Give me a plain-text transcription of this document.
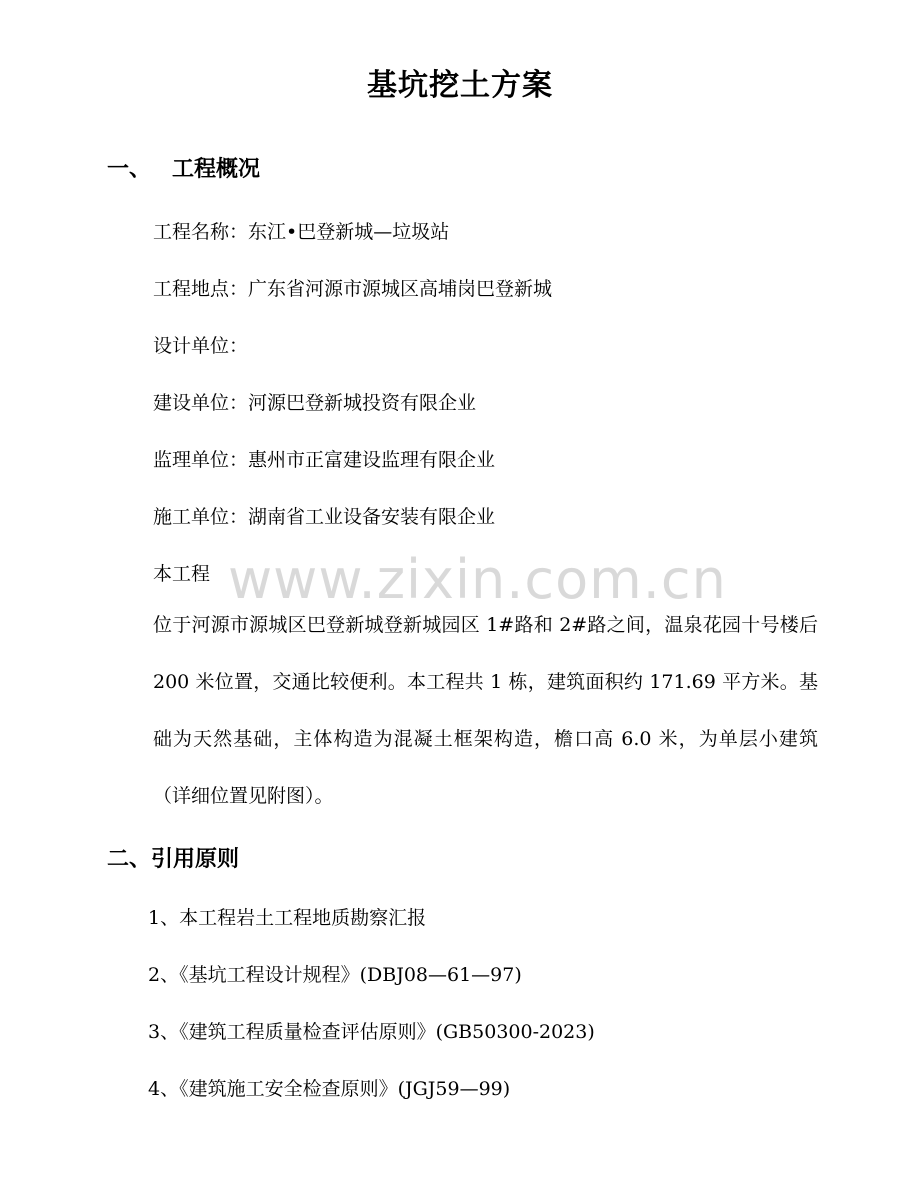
基坑挖土方案
一、 工程概况
工程名称：东江•巴登新城—垃圾站
工程地点：广东省河源市源城区高埔岗巴登新城
设计单位：
建设单位：河源巴登新城投资有限企业
监理单位：惠州市正富建设监理有限企业
施工单位：湖南省工业设备安装有限企业
本工程
位于河源市源城区巴登新城登新城园区 1#路和 2#路之间，温泉花园十号楼后 200 米位置，交通比较便利。本工程共 1 栋，建筑面积约 171.69 平方米。基础为天然基础，主体构造为混凝土框架构造，檐口高 6.0 米，为单层小建筑（详细位置见附图）。
二、引用原则
1、本工程岩土工程地质勘察汇报
2、《基坑工程设计规程》(DBJ08—61—97)
3、《建筑工程质量检查评估原则》(GB50300-2023)
4、《建筑施工安全检查原则》(JGJ59—99)
www.zixin.com.cn
